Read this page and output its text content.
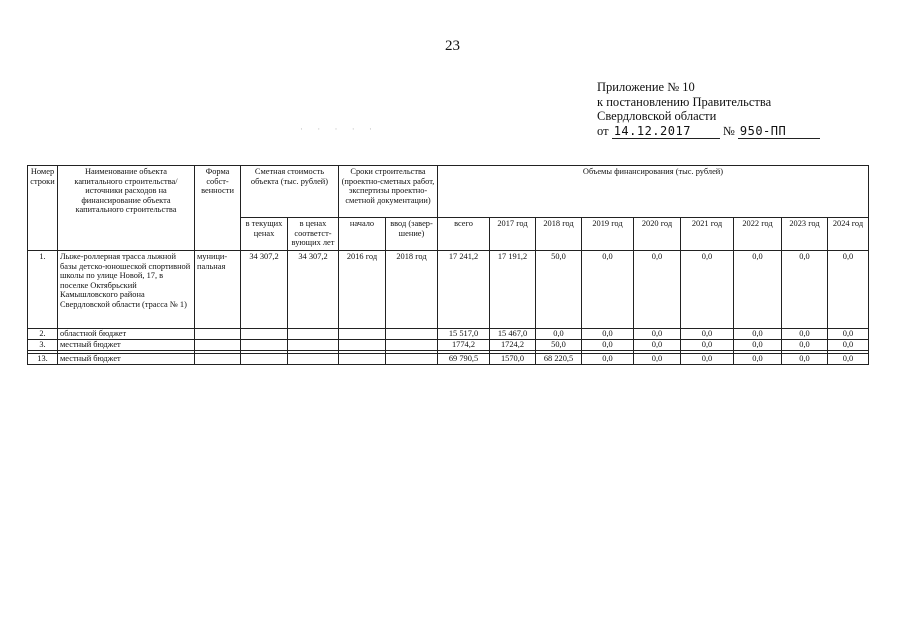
23
Приложение № 10
к постановлению Правительства
Свердловской области
от 14.12.2017	№ 950-ПП
· · · · ·
Номер строки	Наименование объекта капитального строительства/ источники расходов на финансирование объекта капитального строительства	Форма собст-венности	Сметная стоимость объекта (тыс. рублей)		Сроки строительства (проектно-сметных работ, экспертизы проектно-сметной документации)		Объемы финансирования (тыс. рублей)								
			в текущих ценах	в ценах соответст-вующих лет	начало	ввод (завер-шение)	всего	2017 год	2018 год	2019 год	2020 год	2021 год	2022 год	2023 год	2024 год
1.	Лыже-роллерная трасса лыжной базы детско-юношеской спортивной школы по улице Новой, 17, в поселке Октябрьский Камышловского района Свердловской области (трасса № 1)	муници-пальная	34 307,2	34 307,2	2016 год	2018 год	17 241,2	17 191,2	50,0	0,0	0,0	0,0	0,0	0,0	0,0
2.	областной бюджет						15 517,0	15 467,0	0,0	0,0	0,0	0,0	0,0	0,0	0,0
3.	местный бюджет						1774,2	1724,2	50,0	0,0	0,0	0,0	0,0	0,0	0,0

13.	местный бюджет						69 790,5	1570,0	68 220,5	0,0	0,0	0,0	0,0	0,0	0,0
